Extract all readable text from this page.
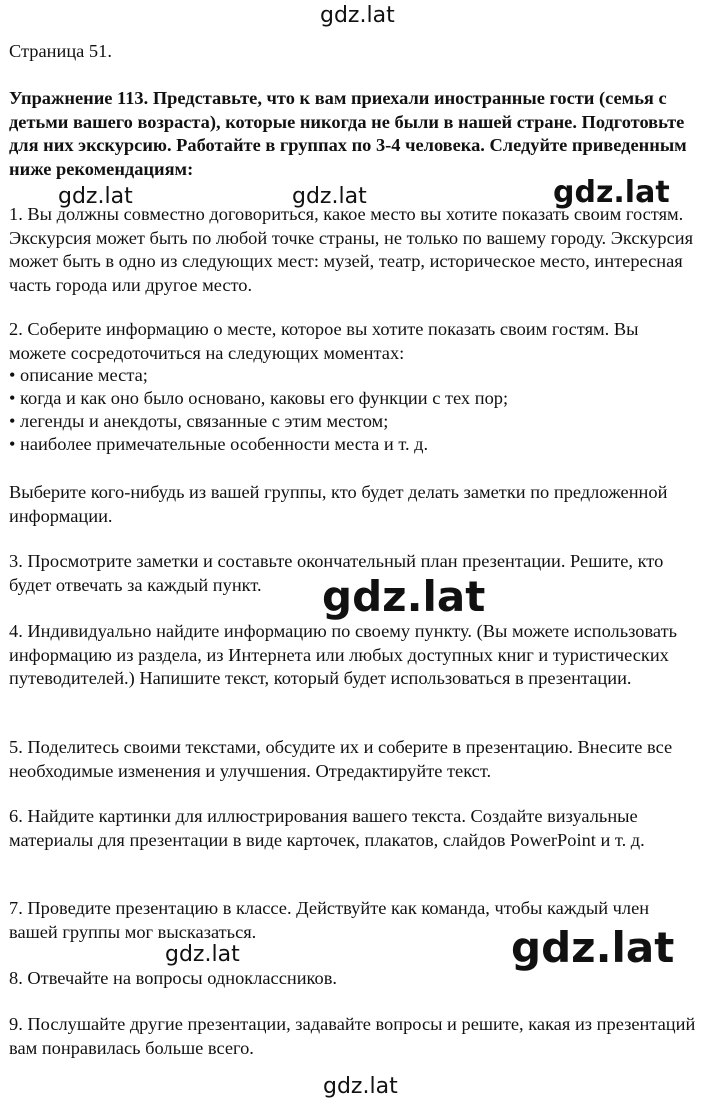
gdz.lat
Страница 51.
Упражнение 113. Представьте, что к вам приехали иностранные гости (семья с детьми вашего возраста), которые никогда не были в нашей стране. Подготовьте для них экскурсию. Работайте в группах по 3-4 человека. Следуйте приведенным ниже рекомендациям:
gdz.lat	gdz.lat	gdz.lat
1. Вы должны совместно договориться, какое место вы хотите показать своим гостям. Экскурсия может быть по любой точке страны, не только по вашему городу. Экскурсия может быть в одно из следующих мест: музей, театр, историческое место, интересная часть города или другое место.
2. Соберите информацию о месте, которое вы хотите показать своим гостям. Вы можете сосредоточиться на следующих моментах:
• описание места;
• когда и как оно было основано, каковы его функции с тех пор;
• легенды и анекдоты, связанные с этим местом;
• наиболее примечательные особенности места и т. д.
Выберите кого-нибудь из вашей группы, кто будет делать заметки по предложенной информации.
3. Просмотрите заметки и составьте окончательный план презентации. Решите, кто будет отвечать за каждый пункт.	gdz.lat
4. Индивидуально найдите информацию по своему пункту. (Вы можете использовать информацию из раздела, из Интернета или любых доступных книг и туристических путеводителей.) Напишите текст, который будет использоваться в презентации.
5. Поделитесь своими текстами, обсудите их и соберите в презентацию. Внесите все необходимые изменения и улучшения. Отредактируйте текст.
6. Найдите картинки для иллюстрирования вашего текста. Создайте визуальные материалы для презентации в виде карточек, плакатов, слайдов PowerPoint и т. д.
7. Проведите презентацию в классе. Действуйте как команда, чтобы каждый член вашей группы мог высказаться.
gdz.lat	gdz.lat
8. Отвечайте на вопросы одноклассников.
9. Послушайте другие презентации, задавайте вопросы и решите, какая из презентаций вам понравилась больше всего.
gdz.lat
